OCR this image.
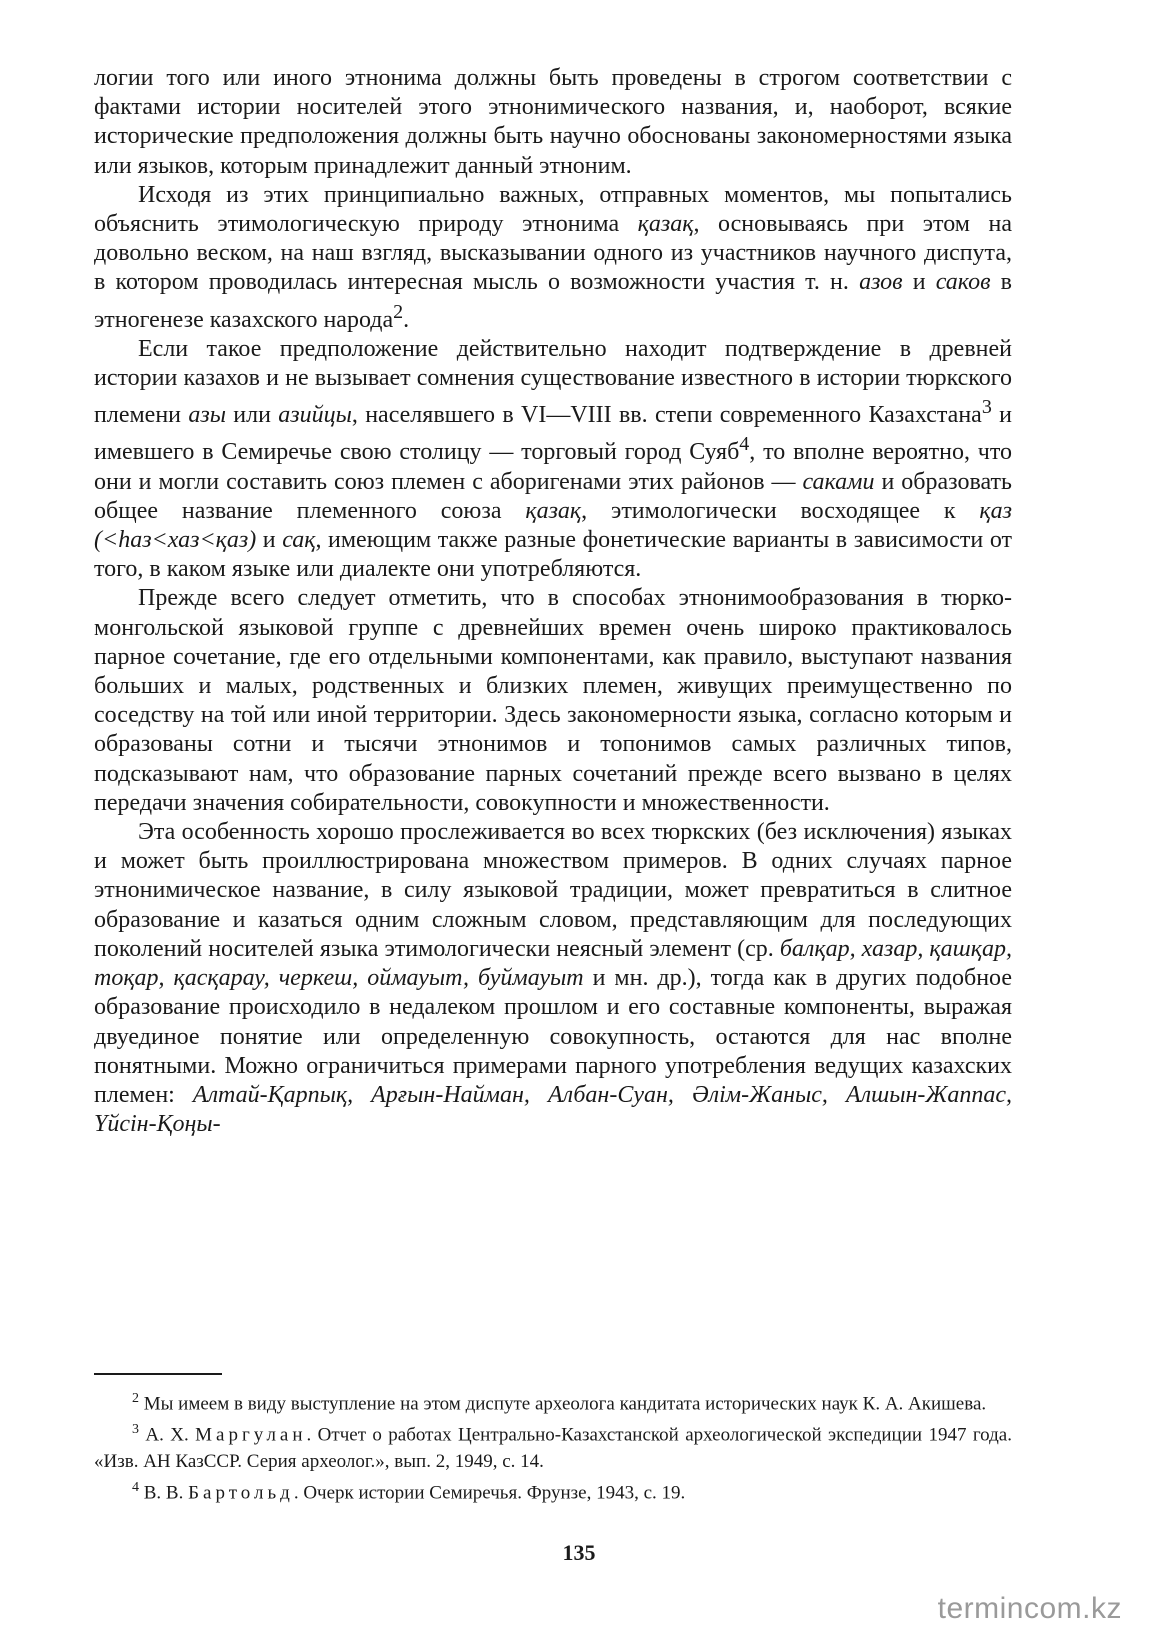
логии того или иного этнонима должны быть проведены в строгом соответствии с фактами истории носителей этого этнонимического названия, и, наоборот, всякие исторические предположения должны быть научно обоснованы закономерностями языка или языков, которым принадлежит данный этноним.

Исходя из этих принципиально важных, отправных моментов, мы попытались объяснить этимологическую природу этнонима қазақ, основываясь при этом на довольно веском, на наш взгляд, высказывании одного из участников научного диспута, в котором проводилась интересная мысль о возможности участия т. н. азов и саков в этногенезе казахского народа$^2$.

Если такое предположение действительно находит подтверждение в древней истории казахов и не вызывает сомнения существование известного в истории тюркского племени азы или азийцы, населявшего в VI—VIII вв. степи современного Казахстана$^3$ и имевшего в Семиречье свою столицу — торговый город Суяб$^4$, то вполне вероятно, что они и могли составить союз племен с аборигенами этих районов — саками и образовать общее название племенного союза қазақ, этимологически восходящее к қаз (<һаз<хаз<қаз) и сақ, имеющим также разные фонетические варианты в зависимости от того, в каком языке или диалекте они употребляются.

Прежде всего следует отметить, что в способах этнонимообразования в тюрко-монгольской языковой группе с древнейших времен очень широко практиковалось парное сочетание, где его отдельными компонентами, как правило, выступают названия больших и малых, родственных и близких племен, живущих преимущественно по соседству на той или иной территории. Здесь закономерности языка, согласно которым и образованы сотни и тысячи этнонимов и топонимов самых различных типов, подсказывают нам, что образование парных сочетаний прежде всего вызвано в целях передачи значения собирательности, совокупности и множественности.

Эта особенность хорошо прослеживается во всех тюркских (без исключения) языках и может быть проиллюстрирована множеством примеров. В одних случаях парное этнонимическое название, в силу языковой традиции, может превратиться в слитное образование и казаться одним сложным словом, представляющим для последующих поколений носителей языка этимологически неясный элемент (ср. балқар, хазар, қашқар, тоқар, қасқарау, черкеш, оймауыт, буймауыт и мн. др.), тогда как в других подобное образование происходило в недалеком прошлом и его составные компоненты, выражая двуединое понятие или определенную совокупность, остаются для нас вполне понятными. Можно ограничиться примерами парного употребления ведущих казахских племен: Алтай-Қарпық, Арғын-Найман, Албан-Суан, Әлім-Жаныс, Алшын-Жаппас, Үйсін-Қоңы-

$^2$ Мы имеем в виду выступление на этом диспуте археолога кандитата исторических наук К. А. Акишева.

$^3$ А. Х. Маргулан. Отчет о работах Центрально-Казахстанской археологической экспедиции 1947 года. «Изв. АН КазССР. Серия археолог.», вып. 2, 1949, с. 14.

$^4$ В. В. Бартольд. Очерк истории Семиречья. Фрунзе, 1943, с. 19.

135
termincom.kz
